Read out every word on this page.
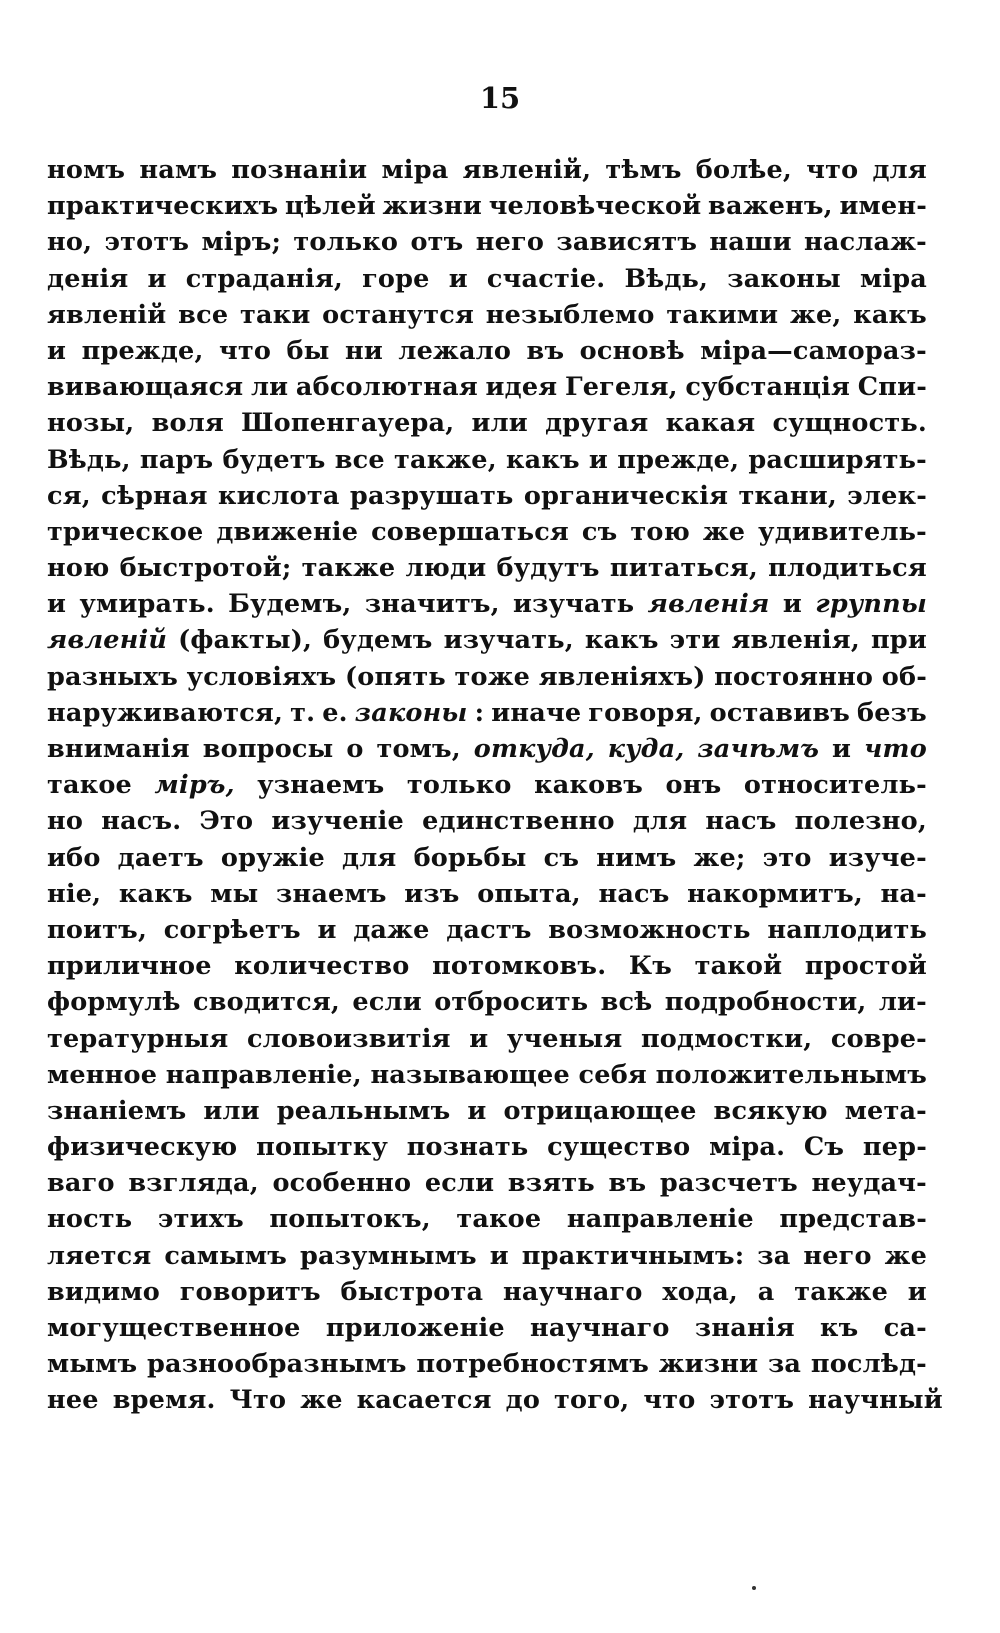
15
номъ намъ познаніи міра явленій, тѣмъ болѣе, что для
практическихъ цѣлей жизни человѣческой важенъ, имен-
но, этотъ міръ; только отъ него зависятъ наши наслаж-
денія и страданія, горе и счастіе. Вѣдь, законы міра
явленій все таки останутся незыблемо такими же, какъ
и прежде, что бы ни лежало въ основѣ міра—самораз-
вивающаяся ли абсолютная идея Гегеля, субстанція Спи-
нозы, воля Шопенгауера, или другая какая сущность.
Вѣдь, паръ будетъ все также, какъ и прежде, расширять-
ся, сѣрная кислота разрушать органическія ткани, элек-
трическое движеніе совершаться съ тою же удивитель-
ною быстротой; также люди будутъ питаться, плодиться
и умирать. Будемъ, значитъ, изучать явленія и группы
явленій (факты), будемъ изучать, какъ эти явленія, при
разныхъ условіяхъ (опять тоже явленіяхъ) постоянно об-
наруживаются, т. е. законы : иначе говоря, оставивъ безъ
вниманія вопросы о томъ, откуда, куда, зачѣмъ и что
такое міръ, узнаемъ только каковъ онъ относитель-
но насъ. Это изученіе единственно для насъ полезно,
ибо даетъ оружіе для борьбы съ нимъ же; это изуче-
ніе, какъ мы знаемъ изъ опыта, насъ накормитъ, на-
поитъ, согрѣетъ и даже дастъ возможность наплодить
приличное количество потомковъ. Къ такой простой
формулѣ сводится, если отбросить всѣ подробности, ли-
тературныя словоизвитія и ученыя подмостки, совре-
менное направленіе, называющее себя положительнымъ
знаніемъ или реальнымъ и отрицающее всякую мета-
физическую попытку познать существо міра. Съ пер-
ваго взгляда, особенно если взять въ разсчетъ неудач-
ность этихъ попытокъ, такое направленіе представ-
ляется самымъ разумнымъ и практичнымъ: за него же
видимо говоритъ быстрота научнаго хода, а также и
могущественное приложеніе научнаго знанія къ са-
мымъ разнообразнымъ потребностямъ жизни за послѣд-
нее время. Что же касается до того, что этотъ научный
